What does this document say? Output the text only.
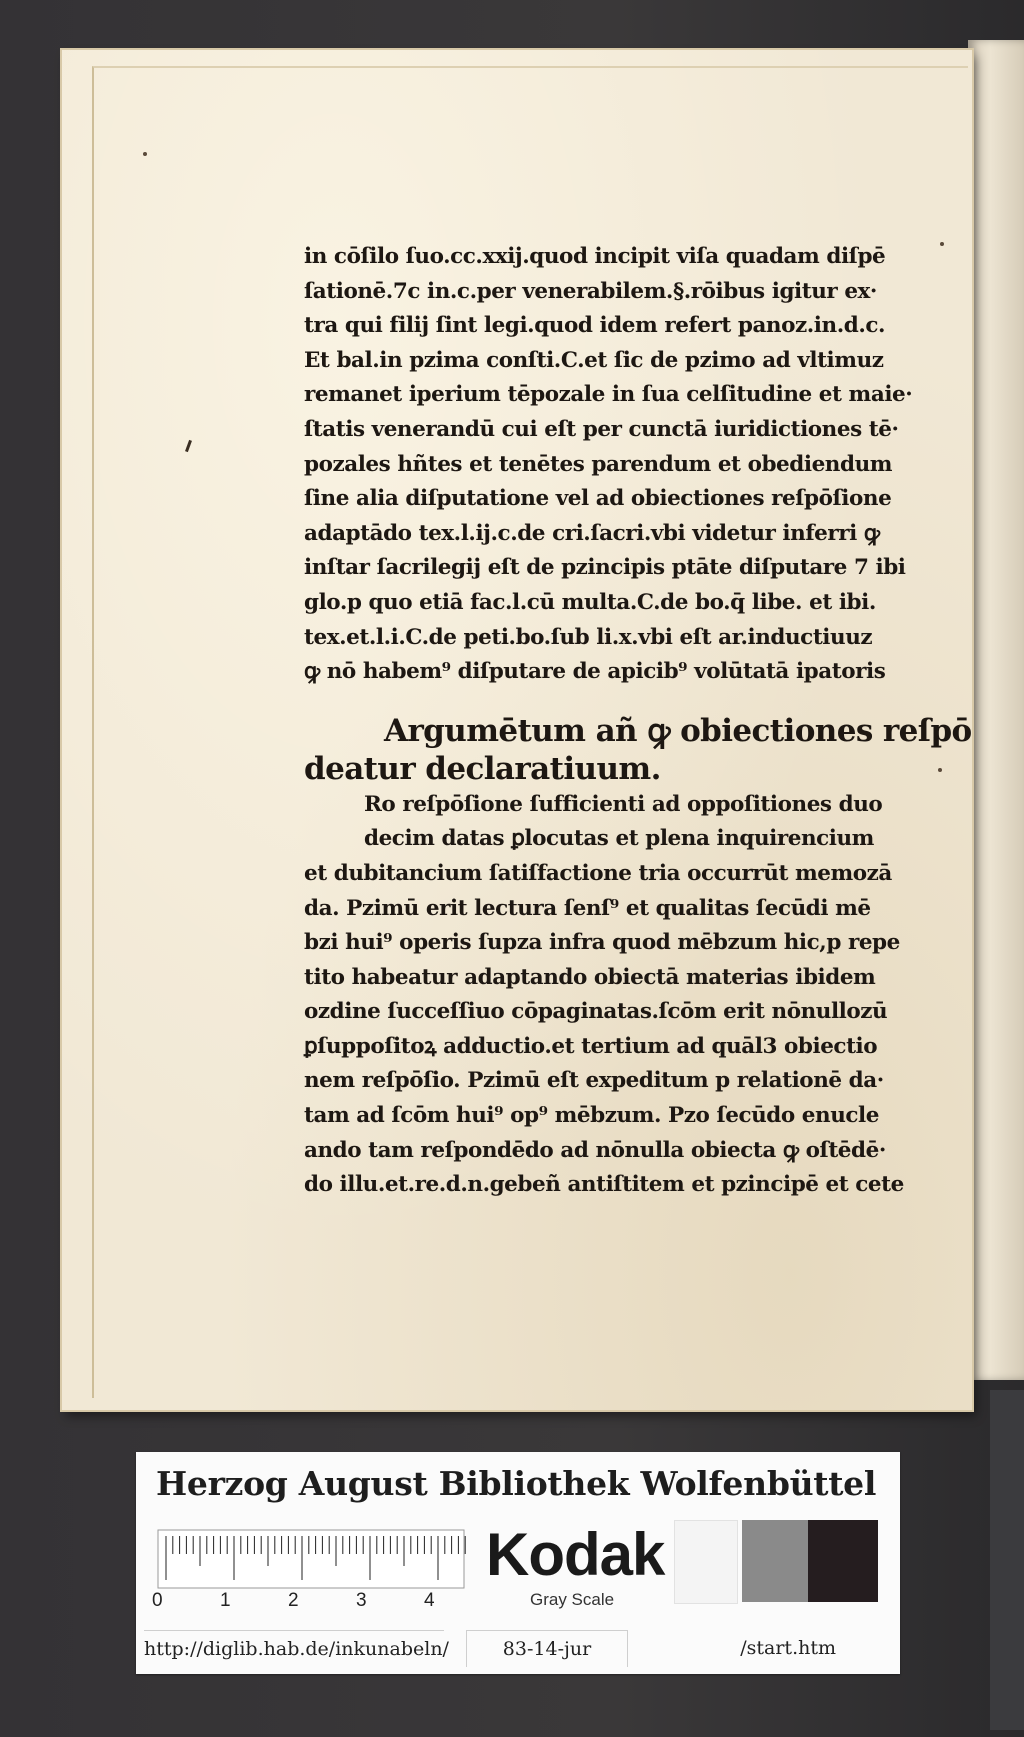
in cōſilo ſuo.cc.xxij.quod incipit viſa quadam diſpē
ſationē.7c in.c.per venerabilem.§.rōibus igitur ex·
tra qui filij ſint legi.quod idem refert panoz.in.d.c.
Et bal.in pzima conſti.C.et ſic de pzimo ad vltimuz
remanet iperium tēpozale in ſua celſitudine et maie·
ſtatis venerandū cui eſt per cunctā iuridictiones tē·
pozales hñtes et tenētes parendum et obediendum
ſine alia diſputatione vel ad obiectiones reſpōſione
adaptādo tex.l.ij.c.de cri.ſacri.vbi videtur inferri ꝙ
inſtar ſacrilegij eſt de pzincipis ptāte diſputare 7 ibi
glo.p quo etiā fac.l.cū multa.C.de bo.q̄ libe. et ibi.
tex.et.l.i.C.de peti.bo.ſub li.x.vbi eſt ar.inductiuuz
ꝙ nō habem⁹ diſputare de apicib⁹ volūtatā ipatoris
Argumētum añ ꝙ obiectiones reſpō
deatur declaratiuum.
Ro reſpōſione ſufficienti ad oppoſitiones duo
decim datas ꝑlocutas et plena inquirencium
et dubitancium ſatiſfactione tria occurrūt memozā
da. Pzimū erit lectura ſenſ⁹ et qualitas ſecūdi mē
bzi hui⁹ operis ſupza infra quod mēbzum hic,p repe
tito habeatur adaptando obiectā materias ibidem
ozdine ſucceſſiuo cōpaginatas.ſcōm erit nōnullozū
ꝑſuppoſitoꝝ adductio.et tertium ad quāl3 obiectio
nem reſpōſio. Pzimū eſt expeditum p relationē da·
tam ad ſcōm hui⁹ op⁹ mēbzum. Pzo ſecūdo enucle
ando tam reſpondēdo ad nōnulla obiecta ꝙ oſtēdē·
do illu.et.re.d.n.gebeñ antiſtitem et pzincipē et cete
Herzog August Bibliothek Wolfenbüttel
0	1	2	3	4
Kodak
Gray Scale
http://diglib.hab.de/inkunabeln/	83-14-jur	/start.htm
